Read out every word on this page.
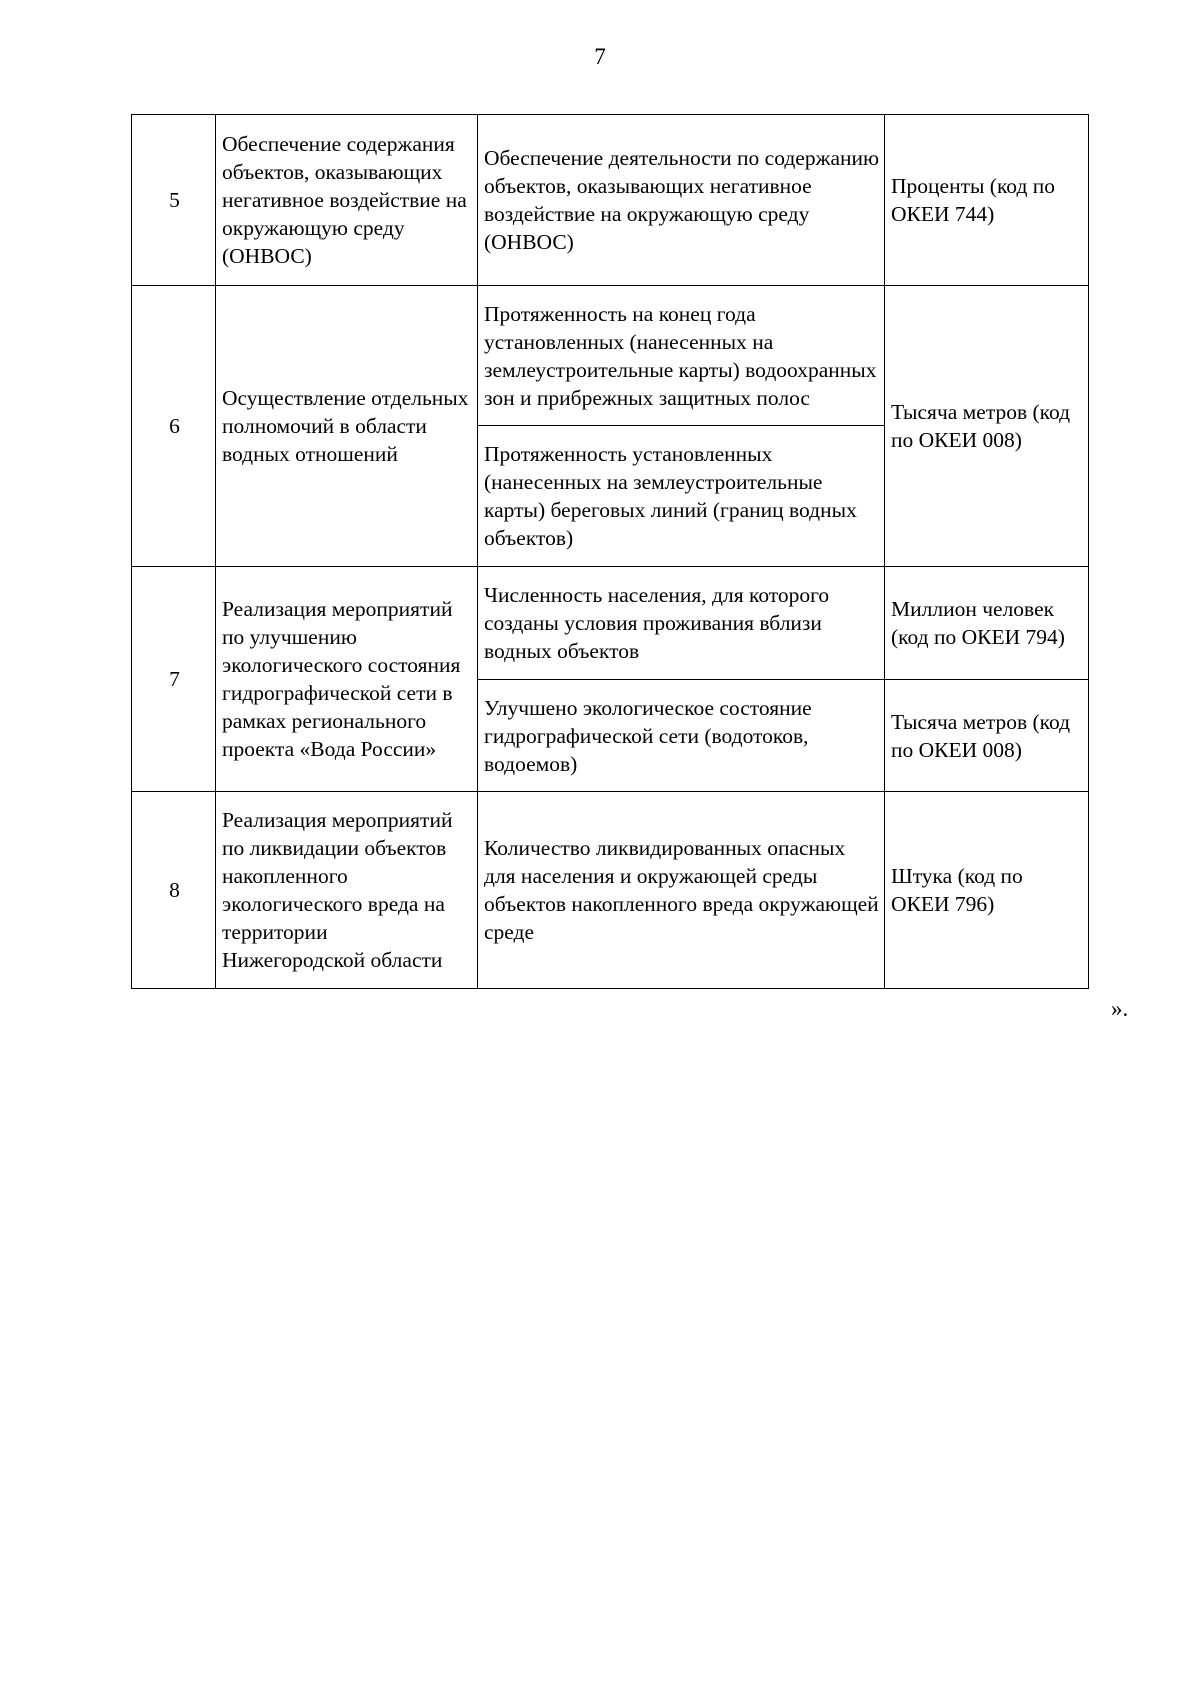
7
5	Обеспечение содержания объектов, оказывающих негативное воздействие на окружающую среду (ОНВОС)	Обеспечение деятельности по содержанию объектов, оказывающих негативное воздействие на окружающую среду (ОНВОС)	Проценты (код по ОКЕИ 744)
6	Осуществление отдельных полномочий в области водных отношений	Протяженность на конец года установленных (нанесенных на землеустроительные карты) водоохранных зон и прибрежных защитных полос	Тысяча метров (код по ОКЕИ 008)
		Протяженность установленных (нанесенных на землеустроительные карты) береговых линий (границ водных объектов)	
7	Реализация мероприятий по улучшению экологического состояния гидрографической сети в рамках регионального проекта «Вода России»	Численность населения, для которого созданы условия проживания вблизи водных объектов	Миллион человек (код по ОКЕИ 794)
		Улучшено экологическое состояние гидрографической сети (водотоков, водоемов)	Тысяча метров (код по ОКЕИ 008)
8	Реализация мероприятий по ликвидации объектов накопленного экологического вреда на территории Нижегородской области	Количество ликвидированных опасных для населения и окружающей среды объектов накопленного вреда окружающей среде	Штука (код по ОКЕИ 796)
».
